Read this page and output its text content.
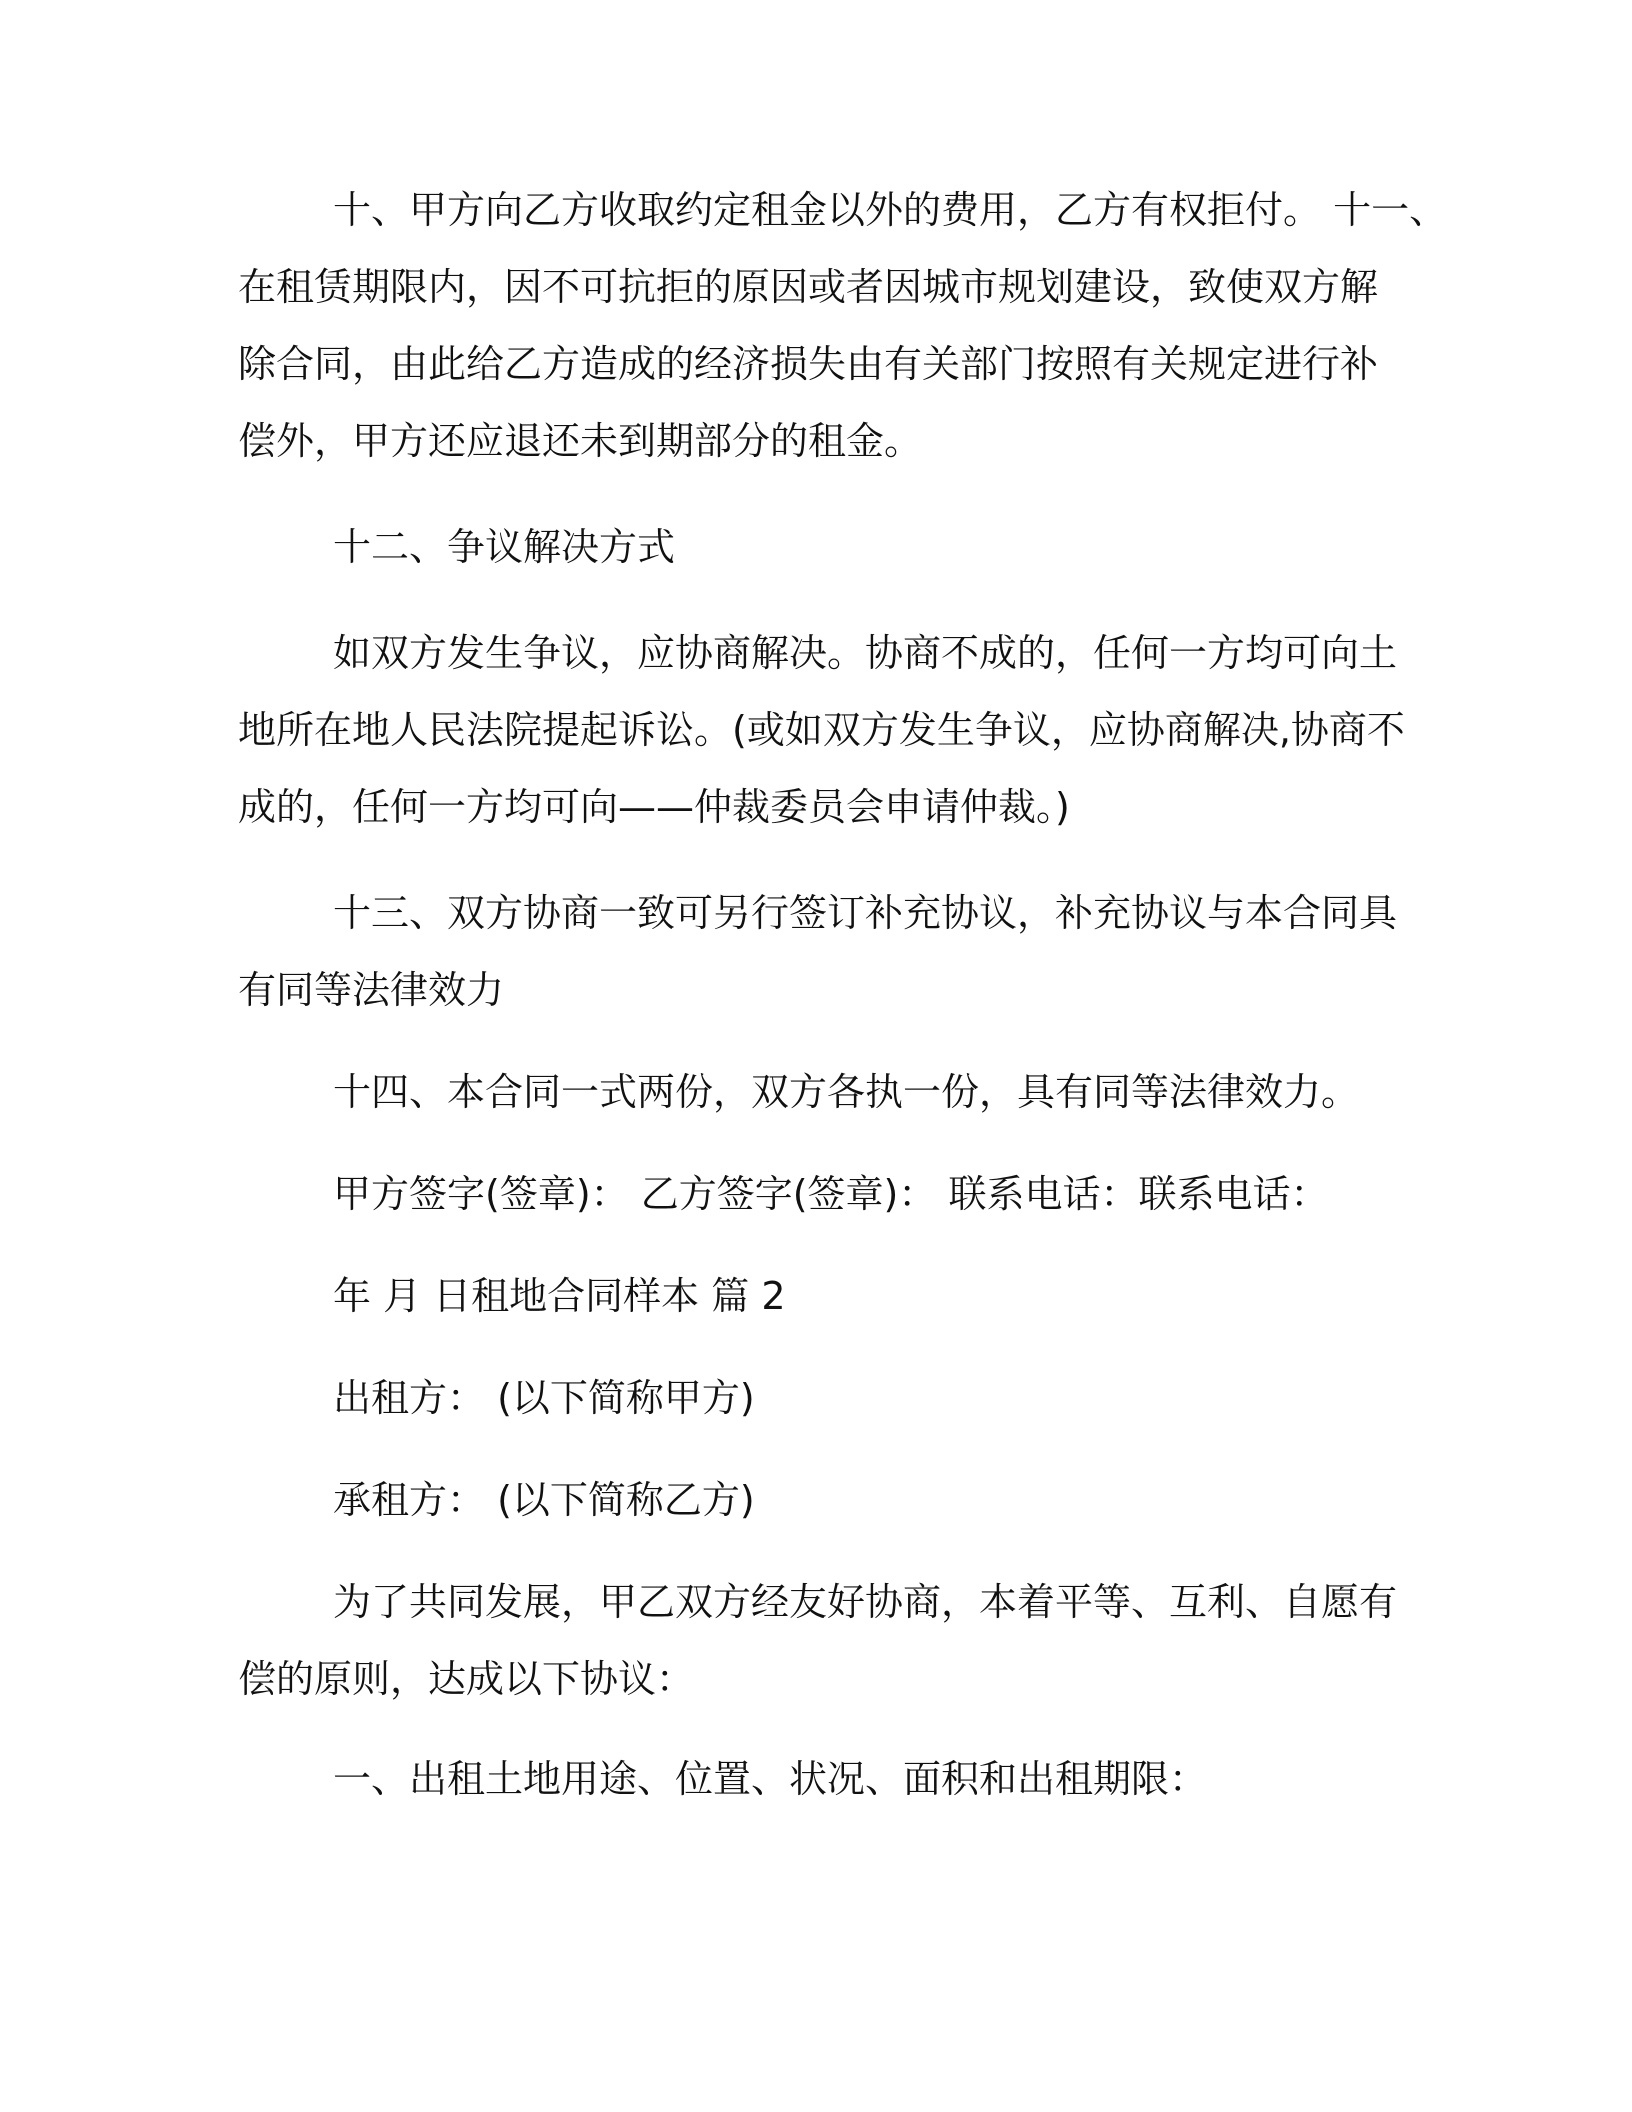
十、甲方向乙方收取约定租金以外的费用，乙方有权拒付。 十一、
在租赁期限内，因不可抗拒的原因或者因城市规划建设，致使双方解
除合同，由此给乙方造成的经济损失由有关部门按照有关规定进行补
偿外，甲方还应退还未到期部分的租金。
十二、争议解决方式
如双方发生争议，应协商解决。协商不成的，任何一方均可向土
地所在地人民法院提起诉讼。(或如双方发生争议，应协商解决,协商不
成的，任何一方均可向——仲裁委员会申请仲裁。)
十三、双方协商一致可另行签订补充协议，补充协议与本合同具
有同等法律效力
十四、本合同一式两份，双方各执一份，具有同等法律效力。
甲方签字(签章)： 乙方签字(签章)： 联系电话：联系电话：
年 月 日租地合同样本 篇 2
出租方： (以下简称甲方)
承租方： (以下简称乙方)
为了共同发展，甲乙双方经友好协商，本着平等、互利、自愿有
偿的原则，达成以下协议：
一、出租土地用途、位置、状况、面积和出租期限：
